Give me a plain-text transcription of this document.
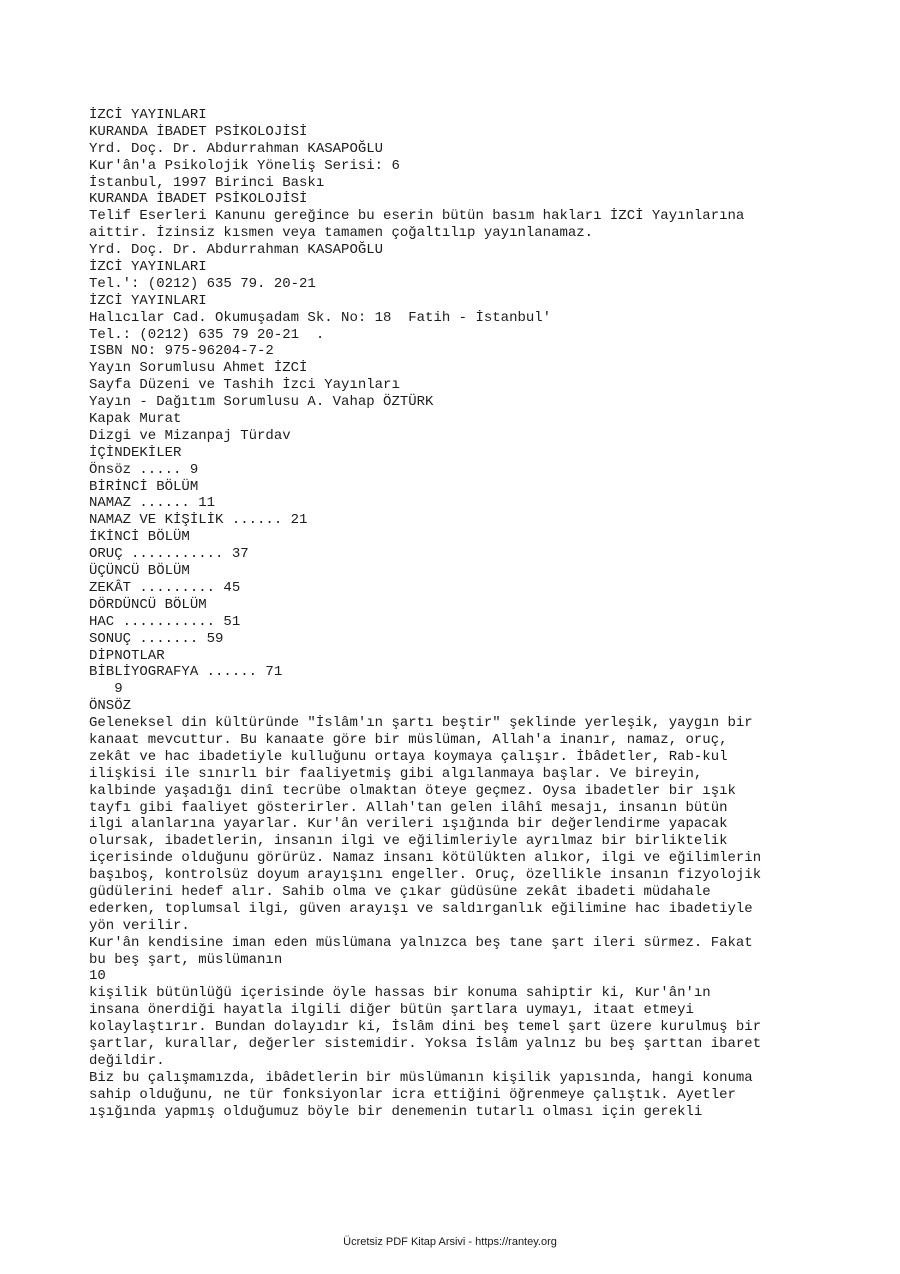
İZCİ YAYINLARI
KURANDA İBADET PSİKOLOJİSİ
Yrd. Doç. Dr. Abdurrahman KASAPOĞLU
Kur'ân'a Psikolojik Yöneliş Serisi: 6
İstanbul, 1997 Birinci Baskı
KURANDA İBADET PSİKOLOJİSİ
Telif Eserleri Kanunu gereğince bu eserin bütün basım hakları İZCİ Yayınlarına
aittir. İzinsiz kısmen veya tamamen çoğaltılıp yayınlanamaz.
Yrd. Doç. Dr. Abdurrahman KASAPOĞLU
İZCİ YAYINLARI
Tel.': (0212) 635 79. 20-21
İZCİ YAYINLARI
Halıcılar Cad. Okumuşadam Sk. No: 18  Fatih - İstanbul'
Tel.: (0212) 635 79 20-21  .
ISBN NO: 975-96204-7-2
Yayın Sorumlusu Ahmet İZCİ
Sayfa Düzeni ve Tashih İzci Yayınları
Yayın - Dağıtım Sorumlusu A. Vahap ÖZTÜRK
Kapak Murat
Dizgi ve Mizanpaj Türdav
İÇİNDEKİLER
Önsöz ..... 9
BİRİNCİ BÖLÜM
NAMAZ ...... 11
NAMAZ VE KİŞİLİK ...... 21
İKİNCİ BÖLÜM
ORUÇ ........... 37
ÜÇÜNCÜ BÖLÜM
ZEKÂT ......... 45
DÖRDÜNCÜ BÖLÜM
HAC ........... 51
SONUÇ ....... 59
DİPNOTLAR
BİBLİYOGRAFYA ...... 71
9
ÖNSÖZ
Geleneksel din kültüründe "İslâm'ın şartı beştir" şeklinde yerleşik, yaygın bir
kanaat mevcuttur. Bu kanaate göre bir müslüman, Allah'a inanır, namaz, oruç,
zekât ve hac ibadetiyle kulluğunu ortaya koymaya çalışır. İbâdetler, Rab-kul
ilişkisi ile sınırlı bir faaliyetmiş gibi algılanmaya başlar. Ve bireyin,
kalbinde yaşadığı dinî tecrübe olmaktan öteye geçmez. Oysa ibadetler bir ışık
tayfı gibi faaliyet gösterirler. Allah'tan gelen ilâhî mesajı, insanın bütün
ilgi alanlarına yayarlar. Kur'ân verileri ışığında bir değerlendirme yapacak
olursak, ibadetlerin, insanın ilgi ve eğilimleriyle ayrılmaz bir birliktelik
içerisinde olduğunu görürüz. Namaz insanı kötülükten alıkor, ilgi ve eğilimlerin
başıboş, kontrolsüz doyum arayışını engeller. Oruç, özellikle insanın fizyolojik
güdülerini hedef alır. Sahib olma ve çıkar güdüsüne zekât ibadeti müdahale
ederken, toplumsal ilgi, güven arayışı ve saldırganlık eğilimine hac ibadetiyle
yön verilir.
Kur'ân kendisine iman eden müslümana yalnızca beş tane şart ileri sürmez. Fakat
bu beş şart, müslümanın
10
kişilik bütünlüğü içerisinde öyle hassas bir konuma sahiptir ki, Kur'ân'ın
insana önerdiği hayatla ilgili diğer bütün şartlara uymayı, itaat etmeyi
kolaylaştırır. Bundan dolayıdır ki, İslâm dini beş temel şart üzere kurulmuş bir
şartlar, kurallar, değerler sistemidir. Yoksa İslâm yalnız bu beş şarttan ibaret
değildir.
Biz bu çalışmamızda, ibâdetlerin bir müslümanın kişilik yapısında, hangi konuma
sahip olduğunu, ne tür fonksiyonlar icra ettiğini öğrenmeye çalıştık. Ayetler
ışığında yapmış olduğumuz böyle bir denemenin tutarlı olması için gerekli
Ücretsiz PDF Kitap Arsivi - https://rantey.org
